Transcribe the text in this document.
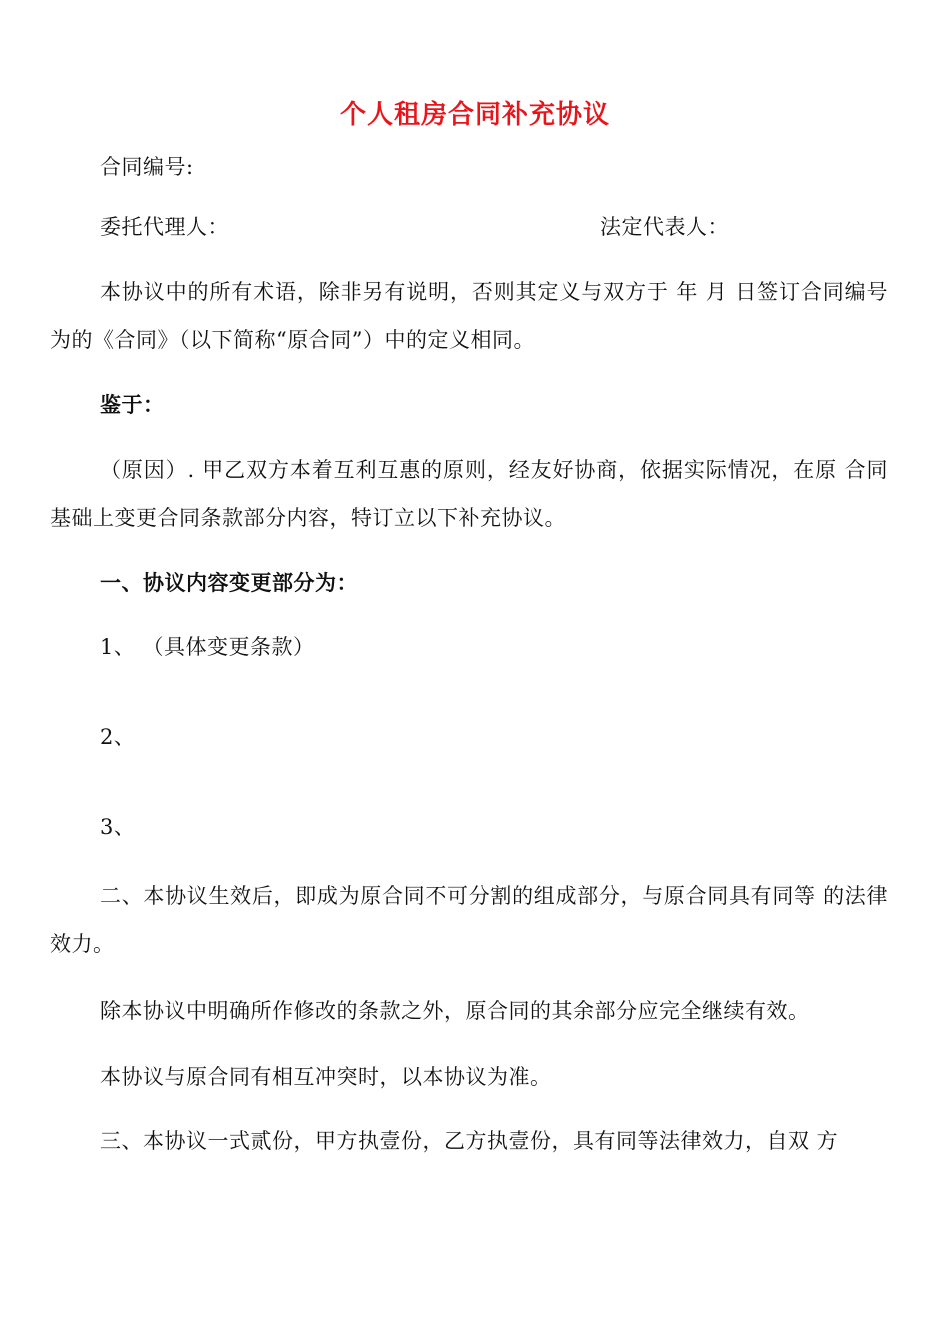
个人租房合同补充协议
合同编号:
委托代理人：	法定代表人：
本协议中的所有术语，除非另有说明，否则其定义与双方于 年 月 日签订合同编号为的《合同》（以下简称“原合同”）中的定义相同。
鉴于：
（原因）. 甲乙双方本着互利互惠的原则，经友好协商，依据实际情况，在原 合同基础上变更合同条款部分内容，特订立以下补充协议。
一、协议内容变更部分为：
1、 （具体变更条款）
2、
3、
二、本协议生效后，即成为原合同不可分割的组成部分，与原合同具有同等 的法律效力。
除本协议中明确所作修改的条款之外，原合同的其余部分应完全继续有效。
本协议与原合同有相互冲突时，以本协议为准。
三、本协议一式贰份，甲方执壹份，乙方执壹份，具有同等法律效力，自双 方
